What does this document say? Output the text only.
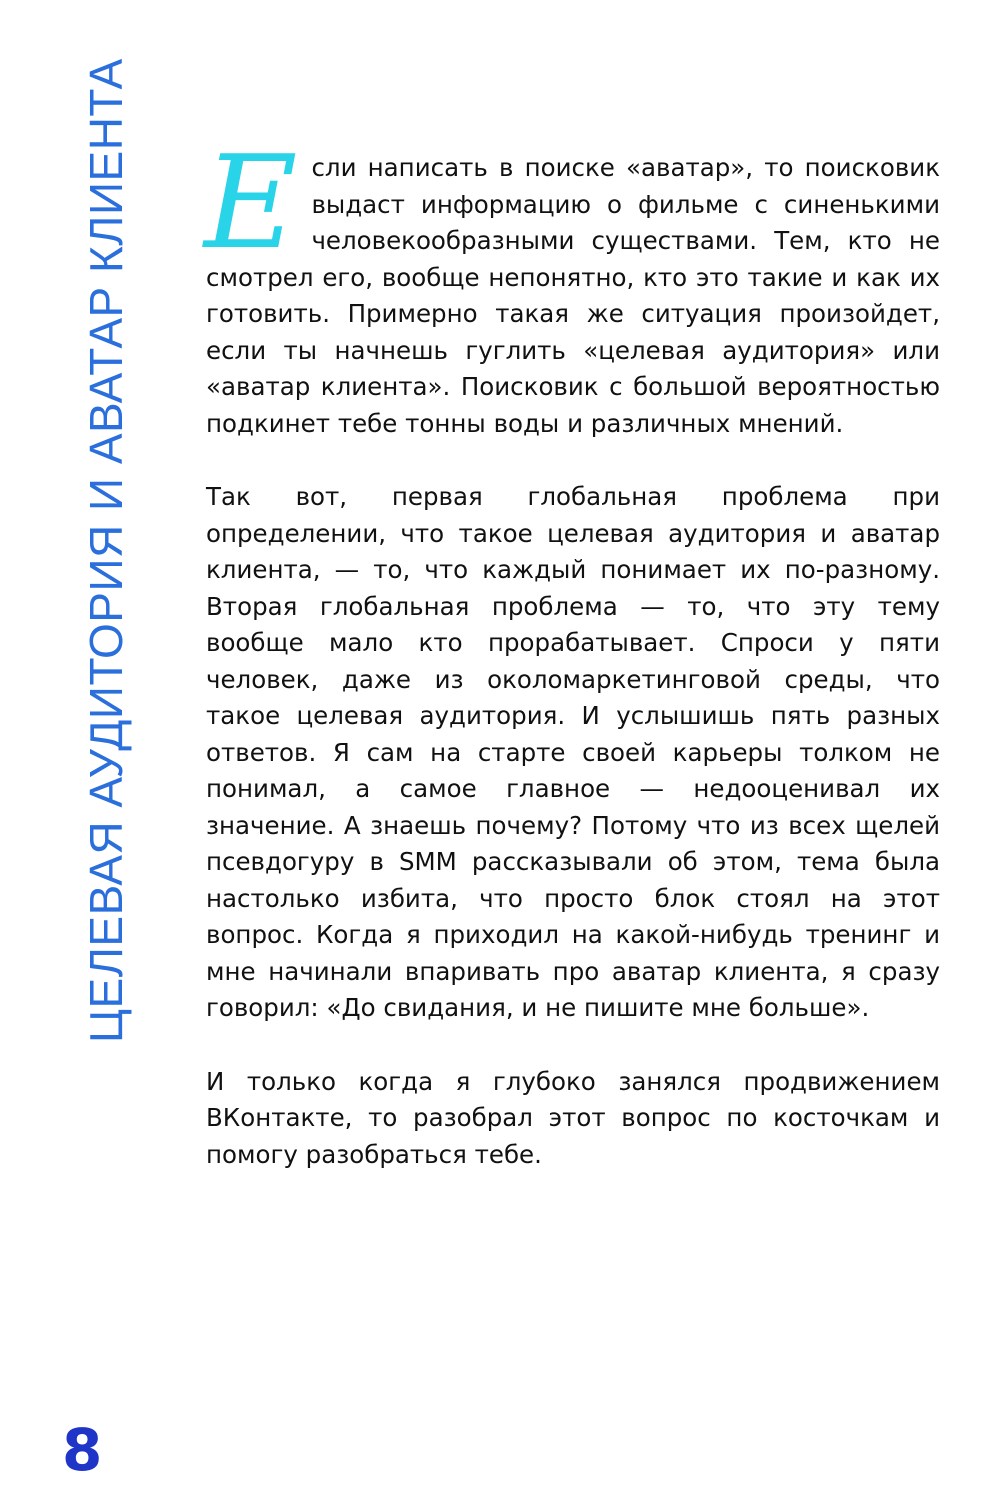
ЦЕЛЕВАЯ АУДИТОРИЯ И АВАТАР КЛИЕНТА Если написать в поиске «аватар», то поисковик выдаст информацию о фильме с синенькими человекообразными существами. Тем, кто не смотрел его, вообще непонятно, кто это такие и как их готовить. Примерно такая же ситуация произойдет, если ты начнешь гуглить «целевая аудитория» или «аватар клиента». Поисковик с большой вероятностью подкинет тебе тонны воды и различных мнений.

Так вот, первая глобальная проблема при определении, что такое целевая аудитория и аватар клиента, — то, что каждый понимает их по-разному. Вторая глобальная проблема — то, что эту тему вообще мало кто прорабатывает. Спроси у пяти человек, даже из околомаркетинговой среды, что такое целевая аудитория. И услышишь пять разных ответов. Я сам на старте своей карьеры толком не понимал, а самое главное — недооценивал их значение. А знаешь почему? Потому что из всех щелей псевдогуру в SMM рассказывали об этом, тема была настолько избита, что просто блок стоял на этот вопрос. Когда я приходил на какой-нибудь тренинг и мне начинали впаривать про аватар клиента, я сразу говорил: «До свидания, и не пишите мне больше».

И только когда я глубоко занялся продвижением ВКонтакте, то разобрал этот вопрос по косточкам и помогу разобраться тебе.

8
